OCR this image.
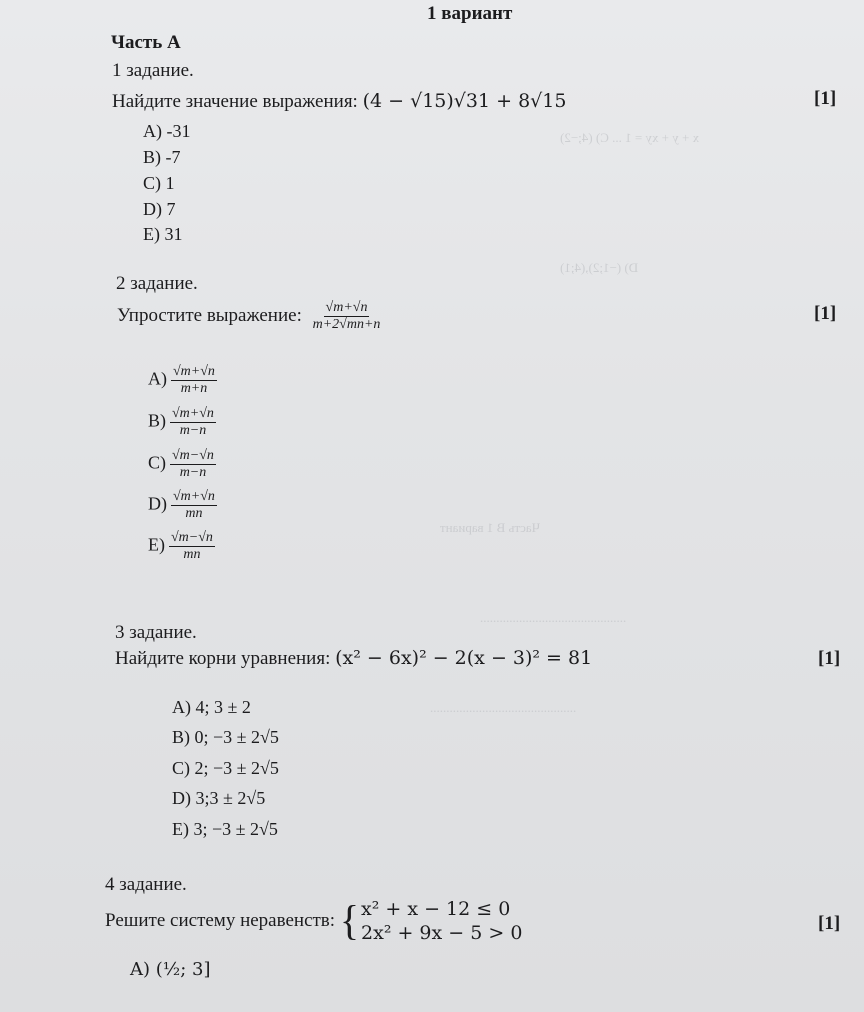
x + y + xy = 1 ... C) (4;−2)
D) (−1;2),(4;1)
Часть В 1 вариант
.............................................
.............................................
1 вариант
Часть А
1 задание.
Найдите значение выражения: (4 − √15)√31 + 8√15	[1]
A) -31
B) -7
C) 1
D) 7
E) 31
2 задание.
Упростите выражение: $\frac{√m+√n}{m+2√mn+n}$	[1]
$A) \frac{√m+√n}{m+n}$
$B) \frac{√m+√n}{m-n}$
$C) \frac{√m-√n}{m-n}$
$D) \frac{√m+√n}{mn}$
$E) \frac{√m-√n}{mn}$
3 задание.
Найдите корни уравнения: (x² − 6x)² − 2(x − 3)² = 81	[1]
A) 4; 3 ± 2
B) 0; −3 ± 2√5
C) 2; −3 ± 2√5
D) 3;3 ± 2√5
E) 3; −3 ± 2√5
4 задание.
Решите систему неравенств: { x² + x − 12 ≤ 0
2x² + 9x − 5 > 0	[1]
A) (½; 3]
